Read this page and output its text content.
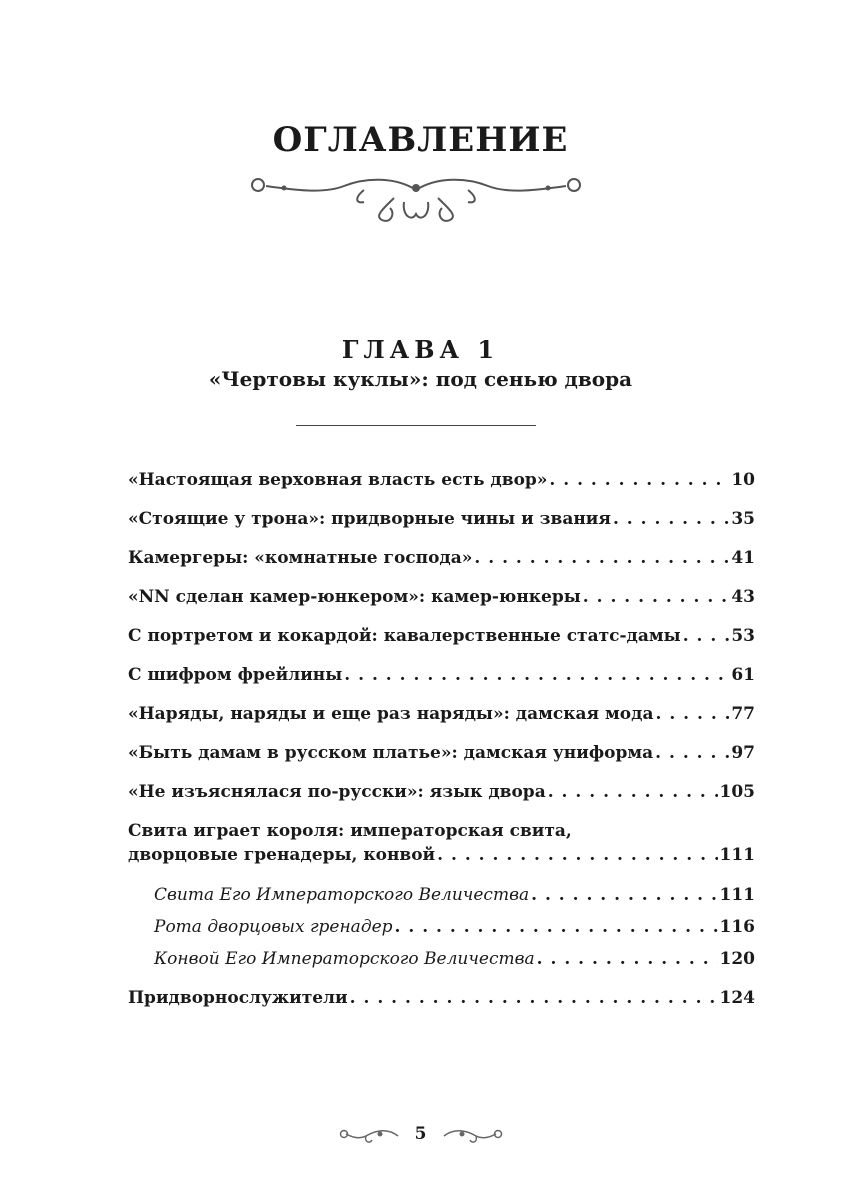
ОГЛАВЛЕНИЕ
ГЛАВА 1
«Чертовы куклы»: под сенью двора
«Настоящая верховная власть есть двор» . . .	10
«Стоящие у трона»: придворные чины и звания . . .	35
Камергеры: «комнатные господа» . . .	41
«NN сделан камер-юнкером»: камер-юнкеры . . .	43
С портретом и кокардой: кавалерственные статс-дамы . . .	53
С шифром фрейлины . . .	61
«Наряды, наряды и еще раз наряды»: дамская мода . . .	77
«Быть дамам в русском платье»: дамская униформа . . .	97
«Не изъяснялася по-русски»: язык двора . . .	105
Свита играет короля: императорская свита,
дворцовые гренадеры, конвой . . .	111
Свита Его Императорского Величества . . .	111
Рота дворцовых гренадер . . .	116
Конвой Его Императорского Величества . . .	120
Придворнослужители . . .	124
5
